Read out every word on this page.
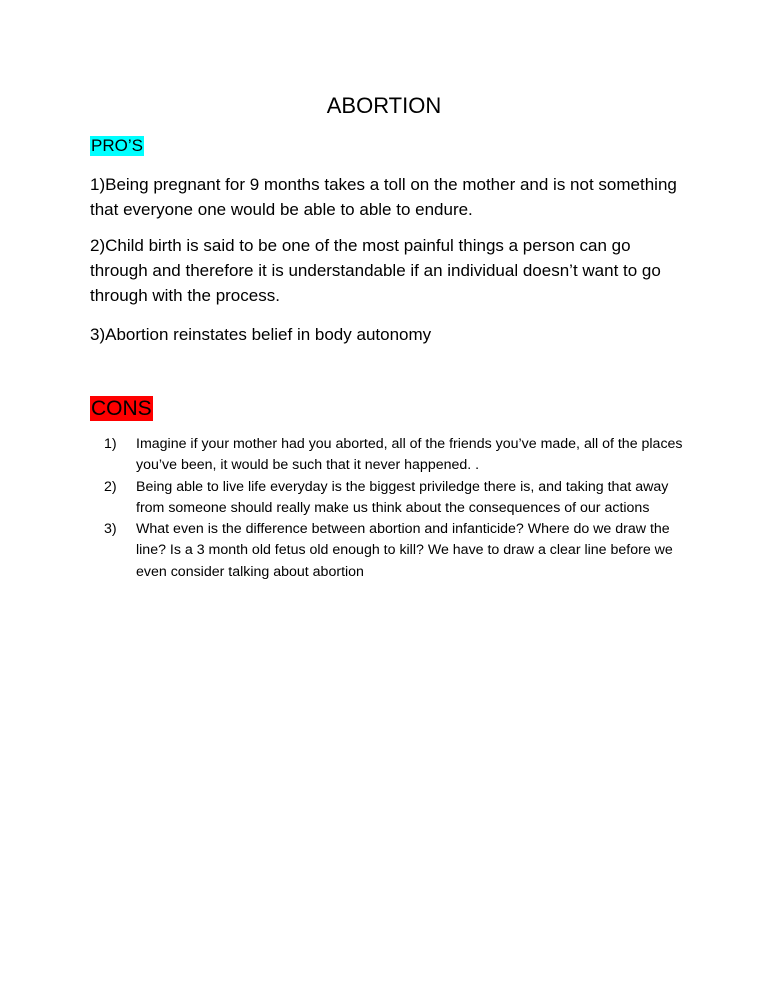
ABORTION
PRO’S

1)Being pregnant for 9 months takes a toll on the mother and is not something that everyone one would be able to able to endure.

2)Child birth is said to be one of the most painful things a person can go through and therefore it is understandable if an individual doesn’t want to go through with the process.

3)Abortion reinstates belief in body autonomy

CONS
1)	Imagine if your mother had you aborted, all of the friends you’ve made, all of the places you’ve been, it would be such that it never happened. .
2)	Being able to live life everyday is the biggest priviledge there is, and taking that away from someone should really make us think about the consequences of our actions
3)	What even is the difference between abortion and infanticide? Where do we draw the line? Is a 3 month old fetus old enough to kill? We have to draw a clear line before we even consider talking about abortion
